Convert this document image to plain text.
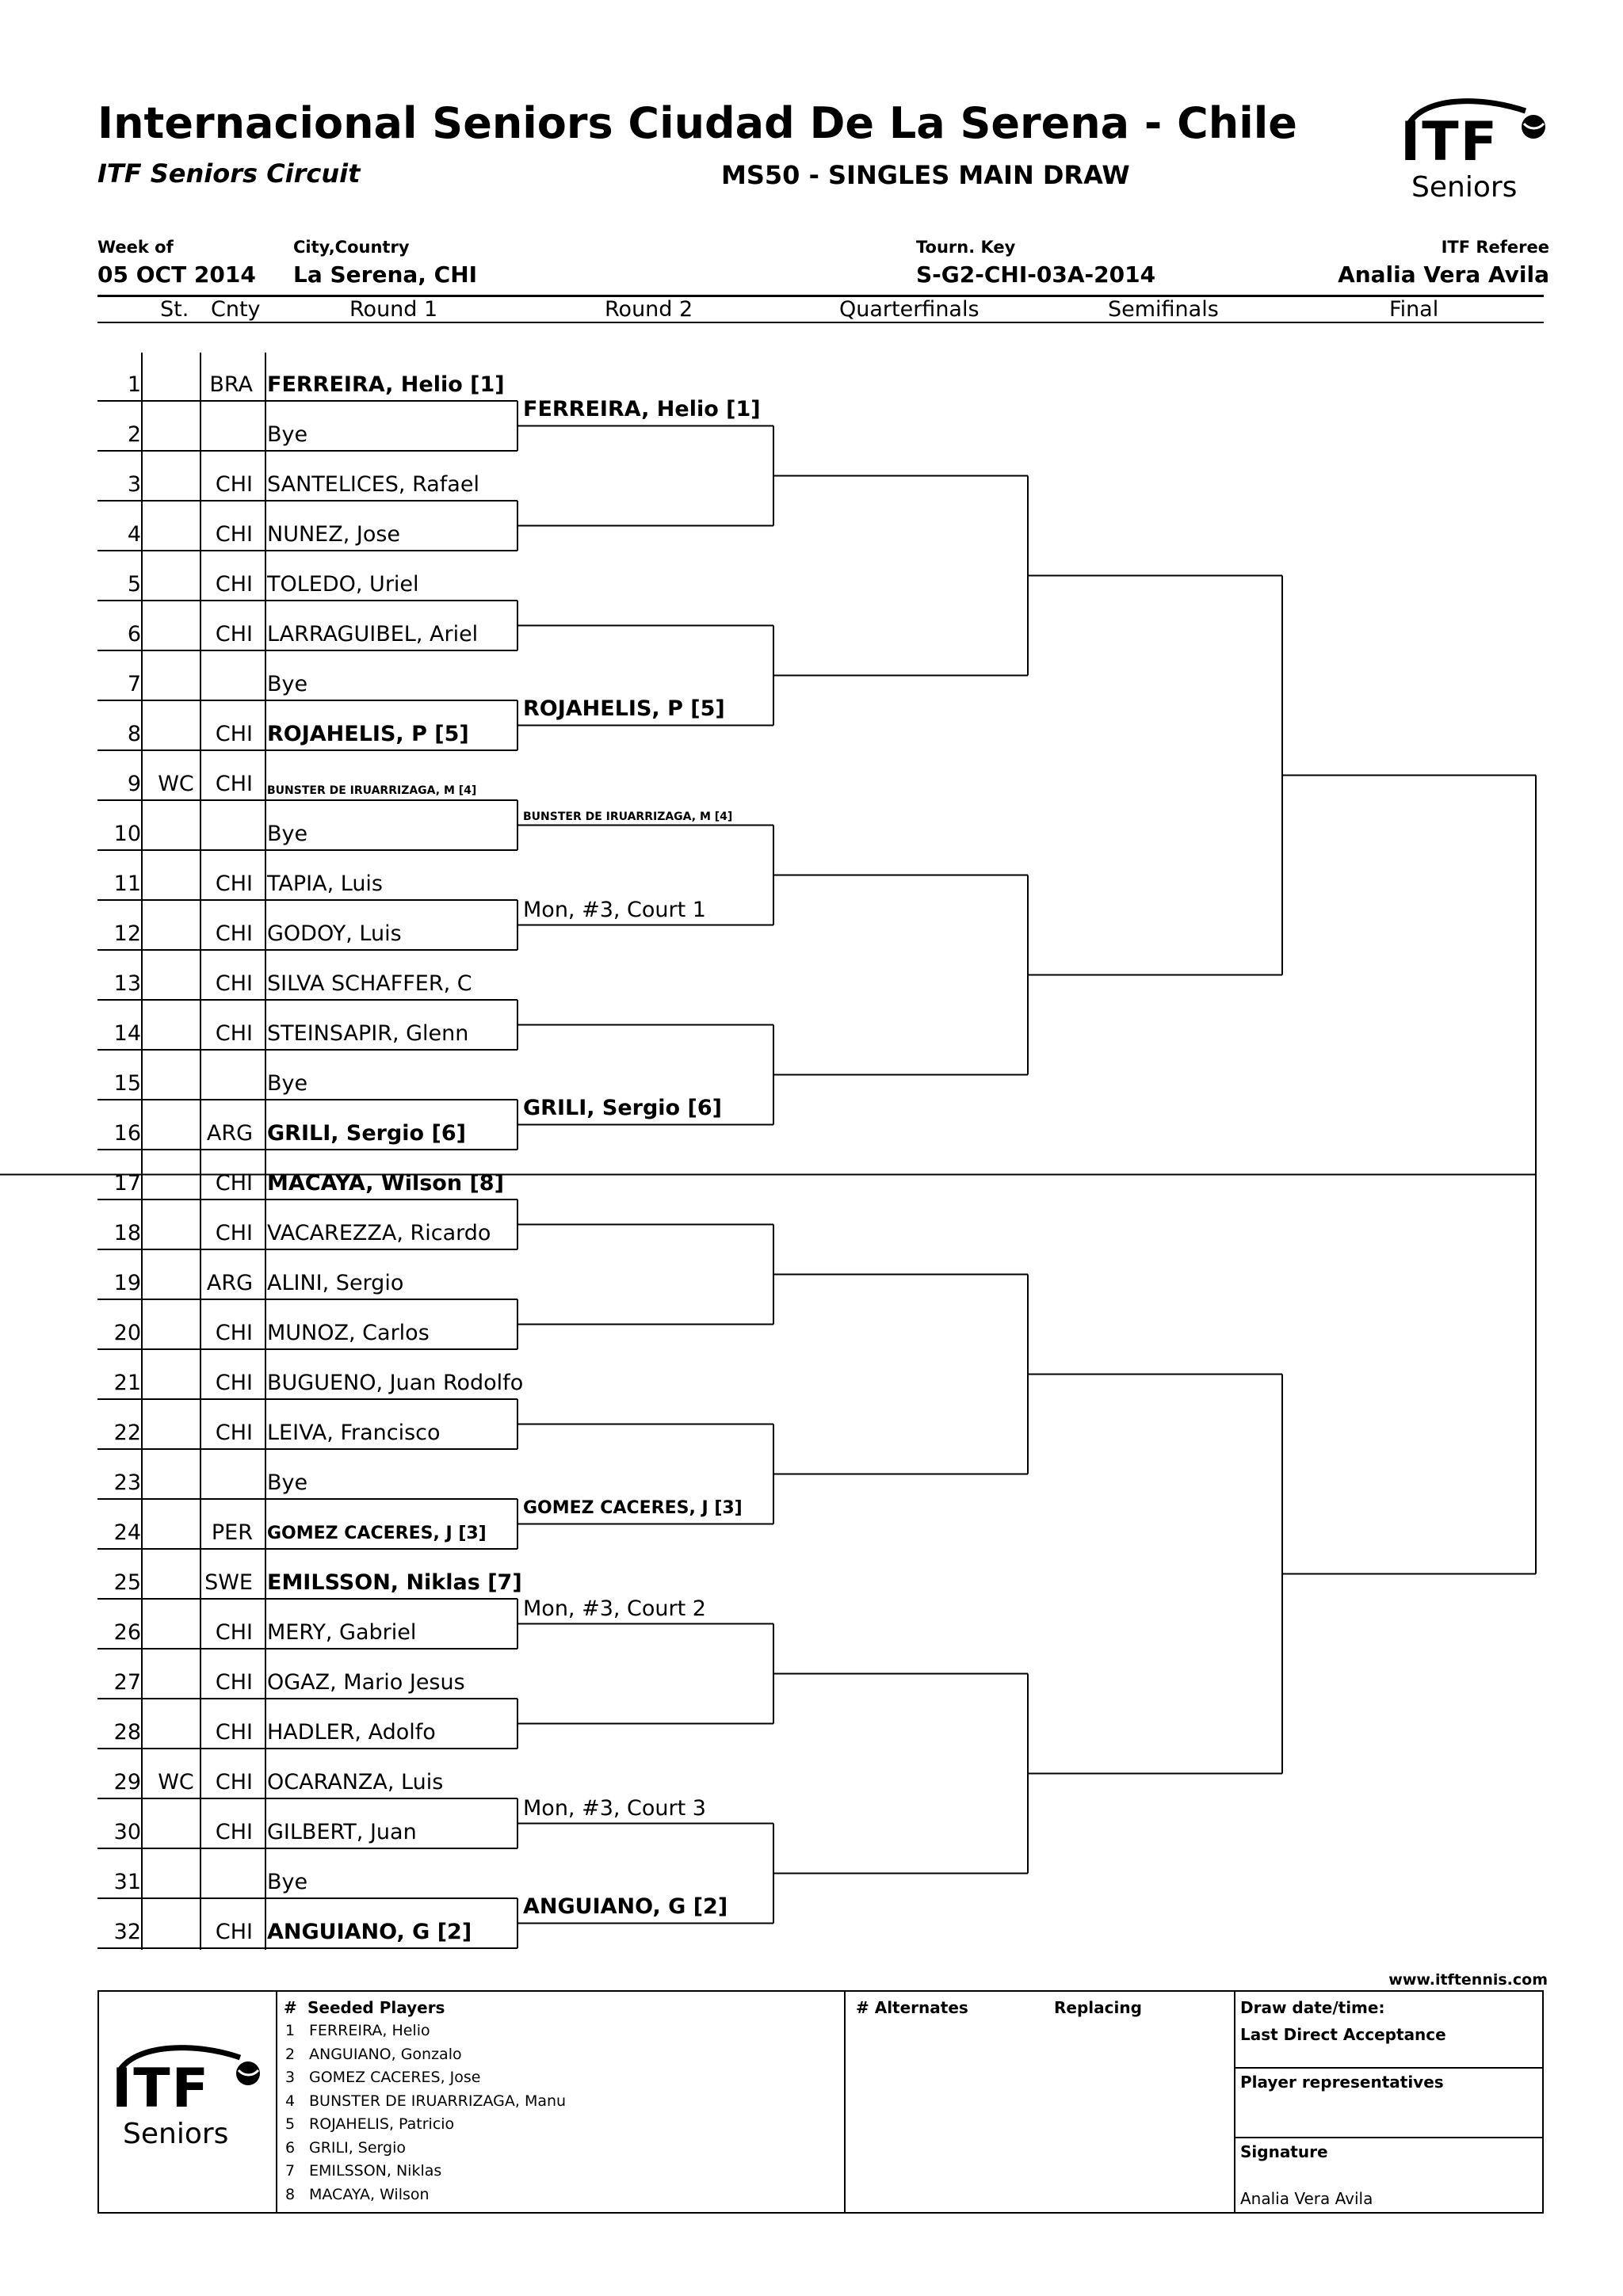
Internacional Seniors Ciudad De La Serena - Chile
ITF Seniors Circuit	MS50 - SINGLES MAIN DRAW
ITF
Seniors
Week of
05 OCT 2014
City,Country
La Serena, CHI
Tourn. Key
S-G2-CHI-03A-2014
ITF Referee
Analia Vera Avila
St. Cnty	Round 1	Round 2	Quarterfinals	Semifinals	Final
1	BRA FERREIRA, Helio [1]
2	Bye
3	CHI SANTELICES, Rafael
4	CHI NUNEZ, Jose
5	CHI TOLEDO, Uriel
6	CHI LARRAGUIBEL, Ariel
7	Bye
8	CHI ROJAHELIS, P [5]
9 WC	CHI BUNSTER DE IRUARRIZAGA, M [4]
10	Bye
11	CHI TAPIA, Luis
12	CHI GODOY, Luis
13	CHI SILVA SCHAFFER, C
14	CHI STEINSAPIR, Glenn
15	Bye
16	ARG GRILI, Sergio [6]
17	CHI MACAYA, Wilson [8]
18	CHI VACAREZZA, Ricardo
19	ARG ALINI, Sergio
20	CHI MUNOZ, Carlos
21	CHI BUGUENO, Juan Rodolfo
22	CHI LEIVA, Francisco
23	Bye
24	PER GOMEZ CACERES, J [3]
25	SWE EMILSSON, Niklas [7]
26	CHI MERY, Gabriel
27	CHI OGAZ, Mario Jesus
28	CHI HADLER, Adolfo
29 WC	CHI OCARANZA, Luis
30	CHI GILBERT, Juan
31	Bye
32	CHI ANGUIANO, G [2]
FERREIRA, Helio [1]
ROJAHELIS, P [5]
BUNSTER DE IRUARRIZAGA, M [4]
Mon, #3, Court 1
GRILI, Sergio [6]
GOMEZ CACERES, J [3]
Mon, #3, Court 2
Mon, #3, Court 3
ANGUIANO, G [2]
www.itftennis.com
ITF
Seniors
# Seeded Players
1 FERREIRA, Helio
2 ANGUIANO, Gonzalo
3 GOMEZ CACERES, Jose
4 BUNSTER DE IRUARRIZAGA, Manu
5 ROJAHELIS, Patricio
6 GRILI, Sergio
7 EMILSSON, Niklas
8 MACAYA, Wilson
# Alternates	Replacing	Draw date/time:
Last Direct Acceptance
Player representatives
Signature
Analia Vera Avila
